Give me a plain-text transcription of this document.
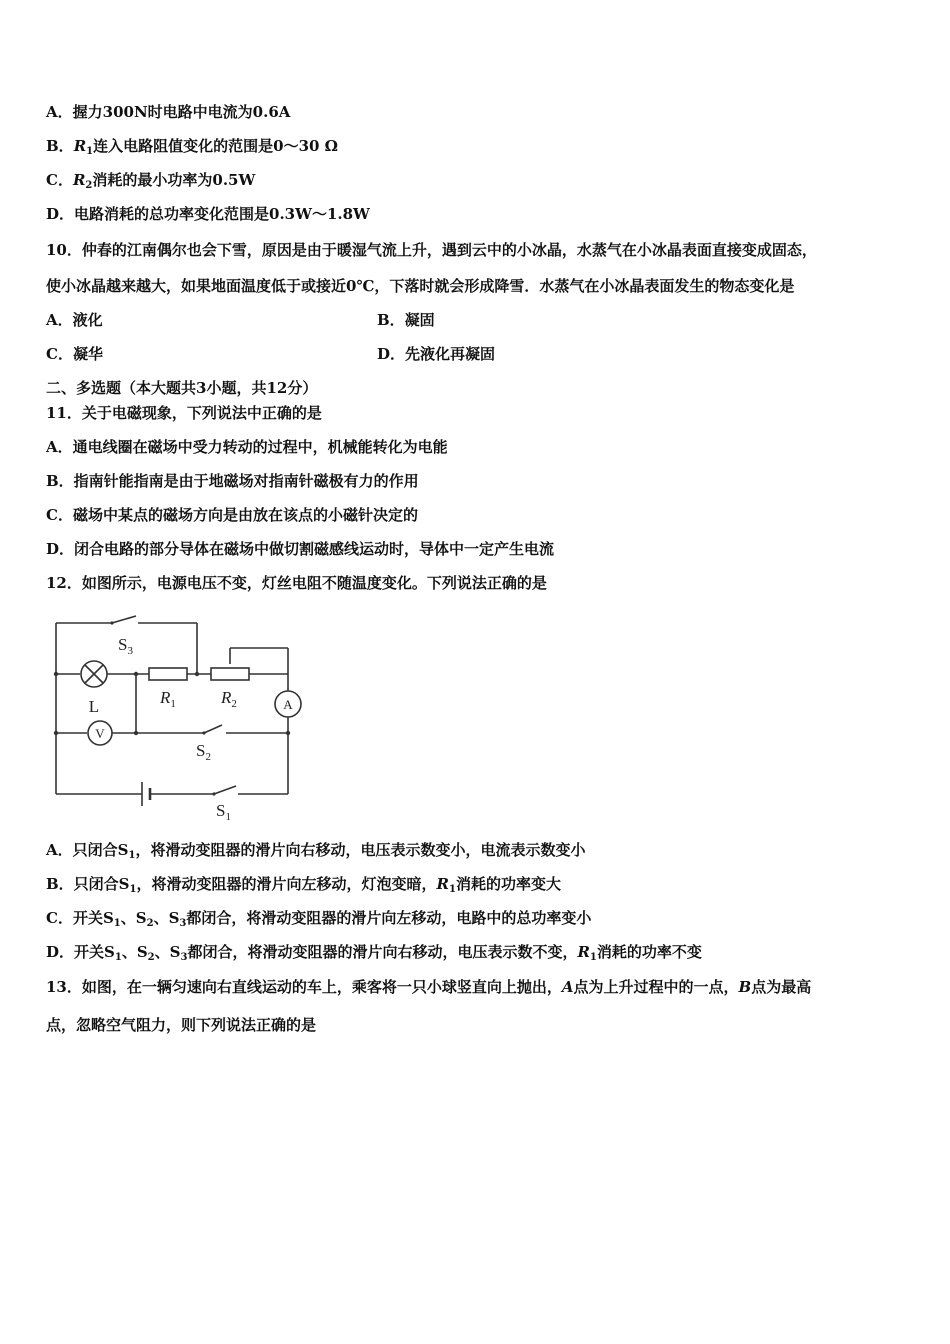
A．握力300N时电路中电流为0.6A
B．$R_1$连入电路阻值变化的范围是0～30 Ω
C．$R_2$消耗的最小功率为0.5W
D．电路消耗的总功率变化范围是0.3W～1.8W
10．仲春的江南偶尔也会下雪，原因是由于暖湿气流上升，遇到云中的小冰晶，水蒸气在小冰晶表面直接变成固态，
使小冰晶越来越大，如果地面温度低于或接近0℃，下落时就会形成降雪．水蒸气在小冰晶表面发生的物态变化是
A．液化	B．凝固
C．凝华	D．先液化再凝固
二、多选题（本大题共3小题，共12分）
11．关于电磁现象，下列说法中正确的是
A．通电线圈在磁场中受力转动的过程中，机械能转化为电能
B．指南针能指南是由于地磁场对指南针磁极有力的作用
C．磁场中某点的磁场方向是由放在该点的小磁针决定的
D．闭合电路的部分导体在磁场中做切割磁感线运动时，导体中一定产生电流
12．如图所示，电源电压不变，灯丝电阻不随温度变化。下列说法正确的是
$S_3$
L	$R_1$	$R_2$	A
V
$S_2$
$S_1$
A．只闭合$S_1$，将滑动变阻器的滑片向右移动，电压表示数变小，电流表示数变小
B．只闭合$S_1$，将滑动变阻器的滑片向左移动，灯泡变暗，$R_1$消耗的功率变大
C．开关$S_1$、$S_2$、$S_3$都闭合，将滑动变阻器的滑片向左移动，电路中的总功率变小
D．开关$S_1$、$S_2$、$S_3$都闭合，将滑动变阻器的滑片向右移动，电压表示数不变，$R_1$消耗的功率不变
13．如图，在一辆匀速向右直线运动的车上，乘客将一只小球竖直向上抛出，A点为上升过程中的一点，B点为最高
点，忽略空气阻力，则下列说法正确的是
